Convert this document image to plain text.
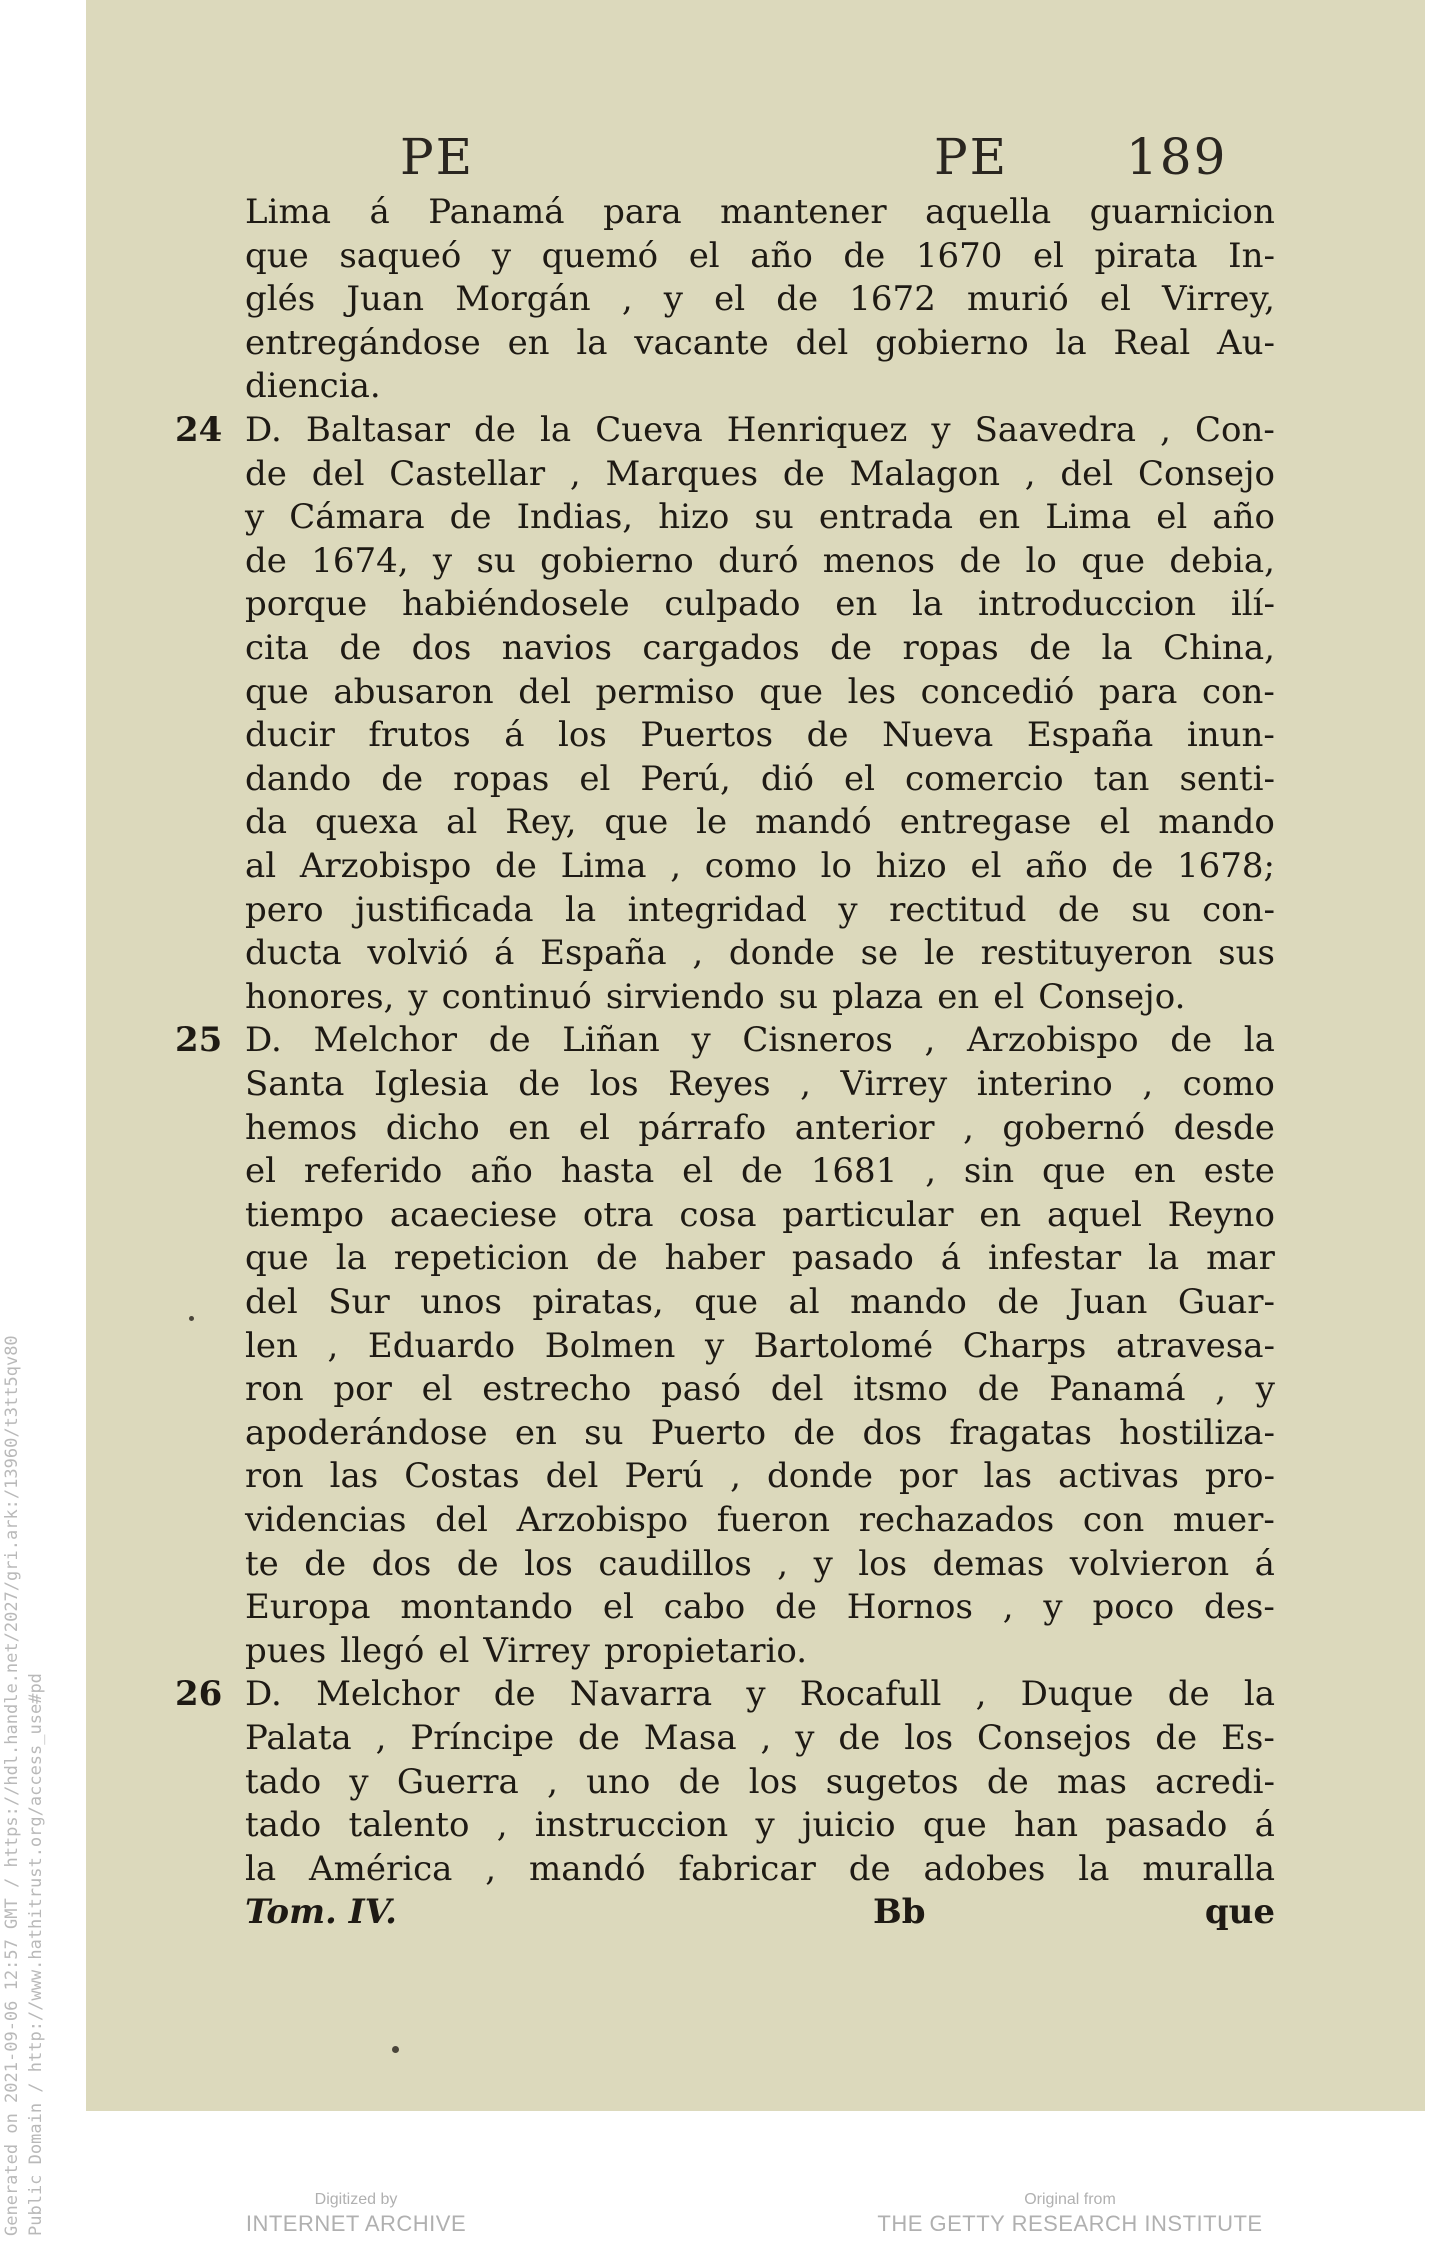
PE	PE 189
Lima á Panamá para mantener aquella guarnicion
que saqueó y quemó el año de 1670 el pirata In-
glés Juan Morgán , y el de 1672 murió el Virrey,
entregándose en la vacante del gobierno la Real Au-
diencia.
24 D. Baltasar de la Cueva Henriquez y Saavedra , Con-
de del Castellar , Marques de Malagon , del Consejo
y Cámara de Indias, hizo su entrada en Lima el año
de 1674, y su gobierno duró menos de lo que debia,
porque habiéndosele culpado en la introduccion ilí-
cita de dos navios cargados de ropas de la China,
que abusaron del permiso que les concedió para con-
ducir frutos á los Puertos de Nueva España inun-
dando de ropas el Perú, dió el comercio tan senti-
da quexa al Rey, que le mandó entregase el mando
al Arzobispo de Lima , como lo hizo el año de 1678;
pero justificada la integridad y rectitud de su con-
ducta volvió á España , donde se le restituyeron sus
honores, y continuó sirviendo su plaza en el Consejo.
25 D. Melchor de Liñan y Cisneros , Arzobispo de la
Santa Iglesia de los Reyes , Virrey interino , como
hemos dicho en el párrafo anterior , gobernó desde
el referido año hasta el de 1681 , sin que en este
tiempo acaeciese otra cosa particular en aquel Reyno
que la repeticion de haber pasado á infestar la mar
del Sur unos piratas, que al mando de Juan Guar-
len , Eduardo Bolmen y Bartolomé Charps atravesa-
ron por el estrecho pasó del itsmo de Panamá , y
apoderándose en su Puerto de dos fragatas hostiliza-
ron las Costas del Perú , donde por las activas pro-
videncias del Arzobispo fueron rechazados con muer-
te de dos de los caudillos , y los demas volvieron á
Europa montando el cabo de Hornos , y poco des-
pues llegó el Virrey propietario.
26 D. Melchor de Navarra y Rocafull , Duque de la
Palata , Príncipe de Masa , y de los Consejos de Es-
tado y Guerra , uno de los sugetos de mas acredi-
tado talento , instruccion y juicio que han pasado á
la América , mandó fabricar de adobes la muralla
Tom. IV.	Bb	que
Generated on 2021-09-06 12:57 GMT / https://hdl.handle.net/2027/gri.ark:/13960/t3tt5qv80 Public Domain / http://www.hathitrust.org/access_use#pd	Digitized by
INTERNET ARCHIVE
Original from
THE GETTY RESEARCH INSTITUTE
